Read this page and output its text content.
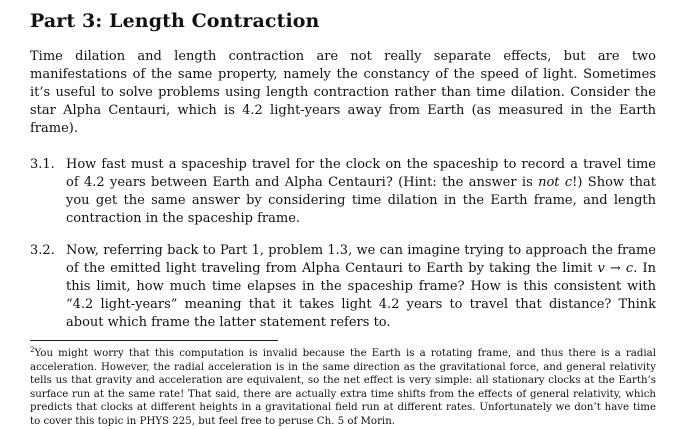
Part 3: Length Contraction

Time dilation and length contraction are not really separate effects, but are two manifestations of the same property, namely the constancy of the speed of light. Sometimes it’s useful to solve problems using length contraction rather than time dilation. Consider the star Alpha Centauri, which is 4.2 light-years away from Earth (as measured in the Earth frame).

3.1. How fast must a spaceship travel for the clock on the spaceship to record a travel time of 4.2 years between Earth and Alpha Centauri? (Hint: the answer is not c!) Show that you get the same answer by considering time dilation in the Earth frame, and length contraction in the spaceship frame.
3.2. Now, referring back to Part 1, problem 1.3, we can imagine trying to approach the frame of the emitted light traveling from Alpha Centauri to Earth by taking the limit v → c. In this limit, how much time elapses in the spaceship frame? How is this consistent with “4.2 light-years” meaning that it takes light 4.2 years to travel that distance? Think about which frame the latter statement refers to.

$^2$You might worry that this computation is invalid because the Earth is a rotating frame, and thus there is a radial acceleration. However, the radial acceleration is in the same direction as the gravitational force, and general relativity tells us that gravity and acceleration are equivalent, so the net effect is very simple: all stationary clocks at the Earth’s surface run at the same rate! That said, there are actually extra time shifts from the effects of general relativity, which predicts that clocks at different heights in a gravitational field run at different rates. Unfortunately we don’t have time to cover this topic in PHYS 225, but feel free to peruse Ch. 5 of Morin.
